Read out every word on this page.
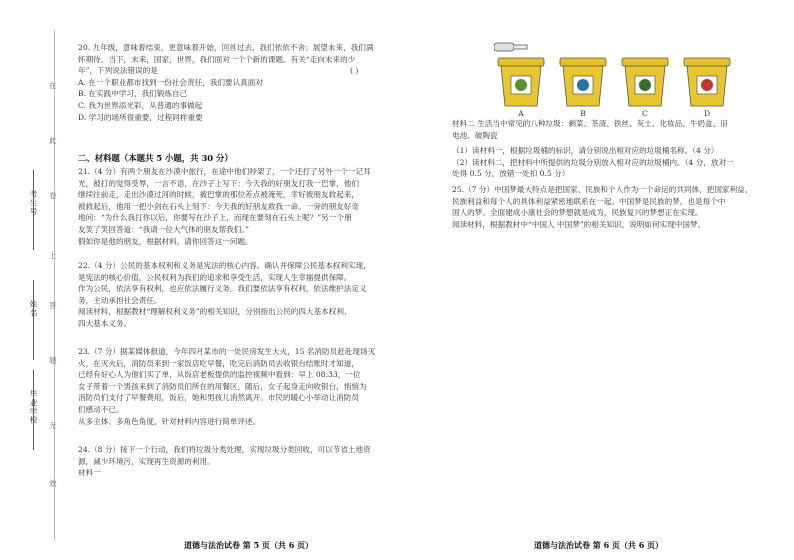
在
此
卷
上
答
题
无
效
考生号
姓名
毕业学校
20. 九年级，意味着结束，更意味着开始，回首过去，我们依依不舍；展望未来，我们满
怀期待。当下，未来，国家，世界，我们面对一个个新的课题。有关“走向未来的少
年”，下列说法错误的是
A. 在一个职业都市找到一份社会责任，我们要认真面对
B. 在实践中学习，我们锻炼自己
C. 我为世界添光彩，从普通的事做起
D. 学习的场所很重要，过程同样重要
( )
二、材料题（本题共 5 小题，共 30 分）
21.（4 分）有两个朋友在沙漠中旅行，在途中他们吵架了，一个还打了另外一个一记耳
光，被打的觉得受辱，一言不语，在沙子上写下：今天我的好朋友打我一巴掌，他们
继续往前走，走出沙漠过河的时候，被巴掌的那位差点被淹死，幸好被朋友救起来，
被救起后，他用一把小剑在石头上刻下：今天我的好朋友救我一命。一旁的朋友好奇
地问：“为什么我打你以后，你要写在沙子上，而现在要刻在石头上呢？”另一个朋
友笑了笑回答道：“我请一位大气体的朋友帮我们。”
假如你是他的朋友，根据材料，请你回答这一问题。
22.（4 分）公民的基本权利和义务是宪法的核心内容。确认并保障公民基本权利实现，
是宪法的核心价值，公民权利为我们的追求和享受生活，实现人生幸福提供保障。
作为公民，依法享有权利，也应依法履行义务。我们要依法享有权利，依法维护法定义
务，主动承担社会责任。
阅读材料，根据教材“理解权利义务”的相关知识，分别指出公民的四大基本权利、
四大基本义务。
23.（7 分）据某媒体报道，今年四月某市的一处民房发生大火，15 名消防员赶赴现场灭
火，在灭火后，消防员来到一家饭店吃早餐，吃完后消防员去收银台结账时才知道，
已经有好心人为他们买了单，从饭店老板提供的监控视频中看到：早上 08:33，一位
女子带着一个男孩来到了消防员们所在的用餐区，随后，女子起身走向收银台，悄悄为
消防员们支付了早餐费用，饭后，她和男孩儿消然离开。市民的暖心小举动让消防员
们感动不已。
从多主体、多角色角度，针对材料内容进行简单评述。
24.（8 分）接下一个行动，我们将垃圾分类处理，实现垃圾分类回收，可以节省土地资
源，减少环境污，实现再生资源的利用。
材料一
道德与法治试卷 第 5 页（共 6 页）
A	B	C	D
材料二 生活当中常见的八种垃圾：剩菜、茶渣、铁丝、灰土、化妆品、牛奶盒、旧
电池、破陶瓷
（1）读材料一，根据垃圾桶的标识，请分别说出相对应的垃圾桶名称。（4 分）
（2）读材料二，把材料中所提供的垃圾分别放入相对应的垃圾桶内。（4 分，放对一
处得 0.5 分，放错一处扣 0.5 分）
25.（7 分）中国梦最大特点是把国家、民族和个人作为一个命运的共同体，把国家利益、
民族利益和每个人的具体利益紧密地联系在一起。中国梦是民族的梦，也是每个中
国人的梦。全面建成小康社会的梦想就是成为，民族复兴的梦想正在实现。
阅读材料，根据教材中“中国人 中国梦”的相关知识，说明如何实现中国梦。
道德与法治试卷 第 6 页（共 6 页）
